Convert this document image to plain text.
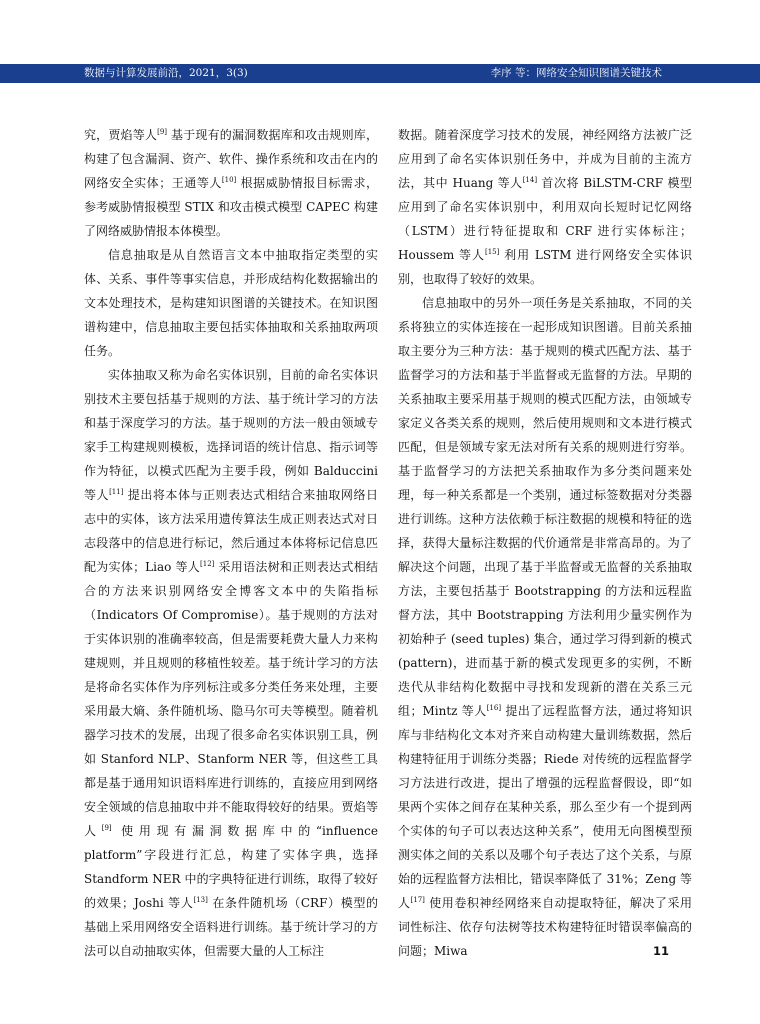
数据与计算发展前沿，2021，3(3)	李序 等：网络安全知识图谱关键技术

究，贾焰等人[9] 基于现有的漏洞数据库和攻击规则库，构建了包含漏洞、资产、软件、操作系统和攻击在内的网络安全实体；王通等人[10] 根据威胁情报目标需求，参考威胁情报模型 STIX 和攻击模式模型 CAPEC 构建了网络威胁情报本体模型。

信息抽取是从自然语言文本中抽取指定类型的实体、关系、事件等事实信息，并形成结构化数据输出的文本处理技术，是构建知识图谱的关键技术。在知识图谱构建中，信息抽取主要包括实体抽取和关系抽取两项任务。

实体抽取又称为命名实体识别，目前的命名实体识别技术主要包括基于规则的方法、基于统计学习的方法和基于深度学习的方法。基于规则的方法一般由领域专家手工构建规则模板，选择词语的统计信息、指示词等作为特征，以模式匹配为主要手段，例如 Balduccini 等人[11] 提出将本体与正则表达式相结合来抽取网络日志中的实体，该方法采用遗传算法生成正则表达式对日志段落中的信息进行标记，然后通过本体将标记信息匹配为实体；Liao 等人[12] 采用语法树和正则表达式相结合的方法来识别网络安全博客文本中的失陷指标（Indicators Of Compromise）。基于规则的方法对于实体识别的准确率较高，但是需要耗费大量人力来构建规则，并且规则的移植性较差。基于统计学习的方法是将命名实体作为序列标注或多分类任务来处理，主要采用最大熵、条件随机场、隐马尔可夫等模型。随着机器学习技术的发展，出现了很多命名实体识别工具，例如 Stanford NLP、Stanform NER 等，但这些工具都是基于通用知识语料库进行训练的，直接应用到网络安全领域的信息抽取中并不能取得较好的结果。贾焰等人[9] 使用现有漏洞数据库中的“influence platform”字段进行汇总，构建了实体字典，选择 Standform NER 中的字典特征进行训练，取得了较好的效果；Joshi 等人[13] 在条件随机场（CRF）模型的基础上采用网络安全语料进行训练。基于统计学习的方法可以自动抽取实体，但需要大量的人工标注

数据。随着深度学习技术的发展，神经网络方法被广泛应用到了命名实体识别任务中，并成为目前的主流方法，其中 Huang 等人[14] 首次将 BiLSTM-CRF 模型应用到了命名实体识别中，利用双向长短时记忆网络（LSTM）进行特征提取和 CRF 进行实体标注；Houssem 等人[15] 利用 LSTM 进行网络安全实体识别，也取得了较好的效果。

信息抽取中的另外一项任务是关系抽取，不同的关系将独立的实体连接在一起形成知识图谱。目前关系抽取主要分为三种方法：基于规则的模式匹配方法、基于监督学习的方法和基于半监督或无监督的方法。早期的关系抽取主要采用基于规则的模式匹配方法，由领域专家定义各类关系的规则，然后使用规则和文本进行模式匹配，但是领域专家无法对所有关系的规则进行穷举。基于监督学习的方法把关系抽取作为多分类问题来处理，每一种关系都是一个类别，通过标签数据对分类器进行训练。这种方法依赖于标注数据的规模和特征的选择，获得大量标注数据的代价通常是非常高昂的。为了解决这个问题，出现了基于半监督或无监督的关系抽取方法，主要包括基于 Bootstrapping 的方法和远程监督方法，其中 Bootstrapping 方法利用少量实例作为初始种子 (seed tuples) 集合，通过学习得到新的模式 (pattern)，进而基于新的模式发现更多的实例，不断迭代从非结构化数据中寻找和发现新的潜在关系三元组；Mintz 等人[16] 提出了远程监督方法，通过将知识库与非结构化文本对齐来自动构建大量训练数据，然后构建特征用于训练分类器；Riede 对传统的远程监督学习方法进行改进，提出了增强的远程监督假设，即“如果两个实体之间存在某种关系，那么至少有一个提到两个实体的句子可以表达这种关系”，使用无向图模型预测实体之间的关系以及哪个句子表达了这个关系，与原始的远程监督方法相比，错误率降低了 31%；Zeng 等人[17] 使用卷积神经网络来自动提取特征，解决了采用词性标注、依存句法树等技术构建特征时错误率偏高的问题；Miwa	11
